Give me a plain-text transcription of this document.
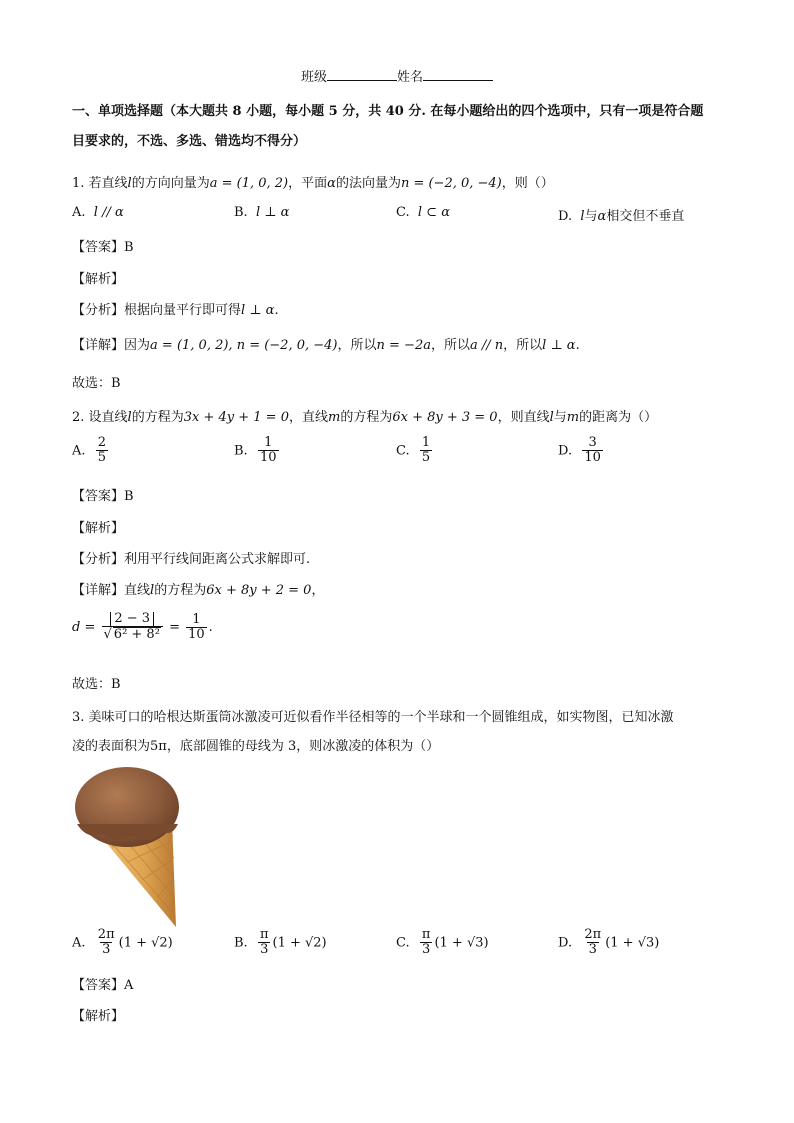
班级	姓名
一、单项选择题（本大题共 8 小题，每小题 5 分，共 40 分. 在每小题给出的四个选项中，只有一项是符合题
目要求的，不选、多选、错选均不得分）
1. 若直线l的方向向量为a = (1, 0, 2)，平面α的法向量为n = (−2, 0, −4)，则（）
A. l // α	B. l ⊥ α	C. l ⊂ α	D. l与α相交但不垂直
【答案】B
【解析】
【分析】根据向量平行即可得l ⊥ α.
【详解】因为a = (1, 0, 2), n = (−2, 0, −4)，所以n = −2a，所以a // n，所以l ⊥ α.
故选：B
2. 设直线l的方程为3x + 4y + 1 = 0，直线m的方程为6x + 8y + 3 = 0，则直线l与m的距离为（）
A. $\frac{2}{5}$	B. $\frac{1}{10}$	C. $\frac{1}{5}$	D. $\frac{3}{10}$
【答案】B
【解析】
【分析】利用平行线间距离公式求解即可.
【详解】直线l的方程为6x + 8y + 2 = 0，
$d = \frac{2 - 3}{\text{√ 6² + 8²}} = \frac{1}{10}$ .
故选：B
3. 美味可口的哈根达斯蛋筒冰激凌可近似看作半径相等的一个半球和一个圆锥组成，如实物图，已知冰激
凌的表面积为5π，底部圆锥的母线为 3，则冰激凌的体积为（）
A. $\frac{2\pi}{3} (1 + √2)$	B. $\frac{\pi}{3} (1 + √2)$	C. $\frac{\pi}{3} (1 + √3)$	D. $\frac{2\pi}{3} (1 + √3)$
【答案】A
【解析】
